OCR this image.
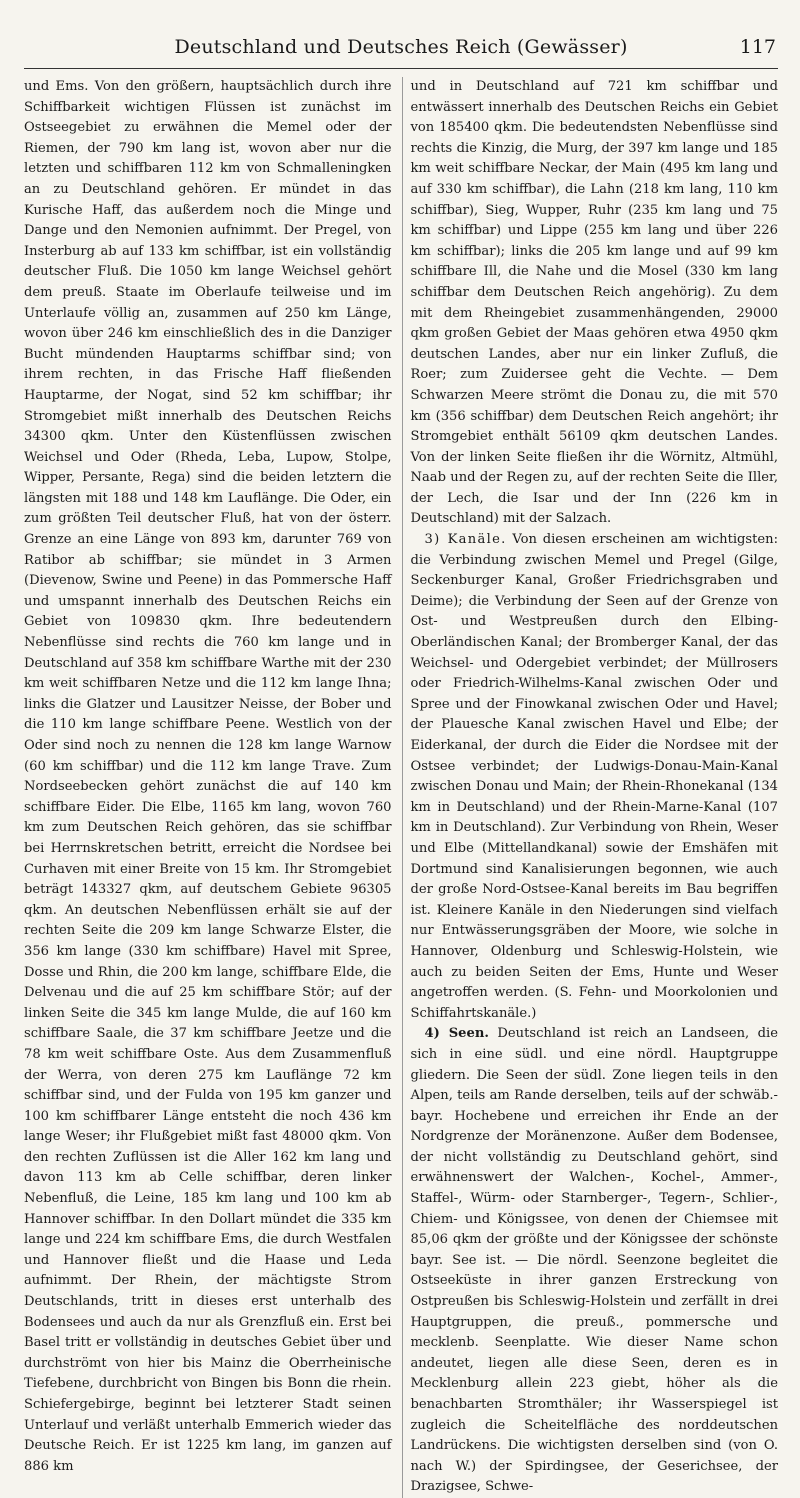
Deutschland und Deutsches Reich (Gewässer)	117

und Ems. Von den größern, hauptsächlich durch ihre Schiffbarkeit wichtigen Flüssen ist zunächst im Ostseegebiet zu erwähnen die Memel oder der Riemen, der 790 km lang ist, wovon aber nur die letzten und schiffbaren 112 km von Schmalleningken an zu Deutschland gehören. Er mündet in das Kurische Haff, das außerdem noch die Minge und Dange und den Nemonien aufnimmt. Der Pregel, von Insterburg ab auf 133 km schiffbar, ist ein vollständig deutscher Fluß. Die 1050 km lange Weichsel gehört dem preuß. Staate im Oberlaufe teilweise und im Unterlaufe völlig an, zusammen auf 250 km Länge, wovon über 246 km einschließlich des in die Danziger Bucht mündenden Hauptarms schiffbar sind; von ihrem rechten, in das Frische Haff fließenden Hauptarme, der Nogat, sind 52 km schiffbar; ihr Stromgebiet mißt innerhalb des Deutschen Reichs 34300 qkm. Unter den Küstenflüssen zwischen Weichsel und Oder (Rheda, Leba, Lupow, Stolpe, Wipper, Persante, Rega) sind die beiden letztern die längsten mit 188 und 148 km Lauflänge. Die Oder, ein zum größten Teil deutscher Fluß, hat von der österr. Grenze an eine Länge von 893 km, darunter 769 von Ratibor ab schiffbar; sie mündet in 3 Armen (Dievenow, Swine und Peene) in das Pommersche Haff und umspannt innerhalb des Deutschen Reichs ein Gebiet von 109830 qkm. Ihre bedeutendern Nebenflüsse sind rechts die 760 km lange und in Deutschland auf 358 km schiffbare Warthe mit der 230 km weit schiffbaren Netze und die 112 km lange Ihna; links die Glatzer und Lausitzer Neisse, der Bober und die 110 km lange schiffbare Peene. Westlich von der Oder sind noch zu nennen die 128 km lange Warnow (60 km schiffbar) und die 112 km lange Trave. Zum Nordseebecken gehört zunächst die auf 140 km schiffbare Eider. Die Elbe, 1165 km lang, wovon 760 km zum Deutschen Reich gehören, das sie schiffbar bei Herrnskretschen betritt, erreicht die Nordsee bei Curhaven mit einer Breite von 15 km. Ihr Stromgebiet beträgt 143327 qkm, auf deutschem Gebiete 96305 qkm. An deutschen Nebenflüssen erhält sie auf der rechten Seite die 209 km lange Schwarze Elster, die 356 km lange (330 km schiffbare) Havel mit Spree, Dosse und Rhin, die 200 km lange, schiffbare Elde, die Delvenau und die auf 25 km schiffbare Stör; auf der linken Seite die 345 km lange Mulde, die auf 160 km schiffbare Saale, die 37 km schiffbare Jeetze und die 78 km weit schiffbare Oste. Aus dem Zusammenfluß der Werra, von deren 275 km Lauflänge 72 km schiffbar sind, und der Fulda von 195 km ganzer und 100 km schiffbarer Länge entsteht die noch 436 km lange Weser; ihr Flußgebiet mißt fast 48000 qkm. Von den rechten Zuflüssen ist die Aller 162 km lang und davon 113 km ab Celle schiffbar, deren linker Nebenfluß, die Leine, 185 km lang und 100 km ab Hannover schiffbar. In den Dollart mündet die 335 km lange und 224 km schiffbare Ems, die durch Westfalen und Hannover fließt und die Haase und Leda aufnimmt. Der Rhein, der mächtigste Strom Deutschlands, tritt in dieses erst unterhalb des Bodensees und auch da nur als Grenzfluß ein. Erst bei Basel tritt er vollständig in deutsches Gebiet über und durchströmt von hier bis Mainz die Oberrheinische Tiefebene, durchbricht von Bingen bis Bonn die rhein. Schiefergebirge, beginnt bei letzterer Stadt seinen Unterlauf und verläßt unterhalb Emmerich wieder das Deutsche Reich. Er ist 1225 km lang, im ganzen auf 886 km

und in Deutschland auf 721 km schiffbar und entwässert innerhalb des Deutschen Reichs ein Gebiet von 185400 qkm. Die bedeutendsten Nebenflüsse sind rechts die Kinzig, die Murg, der 397 km lange und 185 km weit schiffbare Neckar, der Main (495 km lang und auf 330 km schiffbar), die Lahn (218 km lang, 110 km schiffbar), Sieg, Wupper, Ruhr (235 km lang und 75 km schiffbar) und Lippe (255 km lang und über 226 km schiffbar); links die 205 km lange und auf 99 km schiffbare Ill, die Nahe und die Mosel (330 km lang schiffbar dem Deutschen Reich angehörig). Zu dem mit dem Rheingebiet zusammenhängenden, 29000 qkm großen Gebiet der Maas gehören etwa 4950 qkm deutschen Landes, aber nur ein linker Zufluß, die Roer; zum Zuidersee geht die Vechte. — Dem Schwarzen Meere strömt die Donau zu, die mit 570 km (356 schiffbar) dem Deutschen Reich angehört; ihr Stromgebiet enthält 56109 qkm deutschen Landes. Von der linken Seite fließen ihr die Wörnitz, Altmühl, Naab und der Regen zu, auf der rechten Seite die Iller, der Lech, die Isar und der Inn (226 km in Deutschland) mit der Salzach.

3) Kanäle. Von diesen erscheinen am wichtigsten: die Verbindung zwischen Memel und Pregel (Gilge, Seckenburger Kanal, Großer Friedrichsgraben und Deime); die Verbindung der Seen auf der Grenze von Ost- und Westpreußen durch den Elbing-Oberländischen Kanal; der Bromberger Kanal, der das Weichsel- und Odergebiet verbindet; der Müllrosers oder Friedrich-Wilhelms-Kanal zwischen Oder und Spree und der Finowkanal zwischen Oder und Havel; der Plauesche Kanal zwischen Havel und Elbe; der Eiderkanal, der durch die Eider die Nordsee mit der Ostsee verbindet; der Ludwigs-Donau-Main-Kanal zwischen Donau und Main; der Rhein-Rhonekanal (134 km in Deutschland) und der Rhein-Marne-Kanal (107 km in Deutschland). Zur Verbindung von Rhein, Weser und Elbe (Mittellandkanal) sowie der Emshäfen mit Dortmund sind Kanalisierungen begonnen, wie auch der große Nord-Ostsee-Kanal bereits im Bau begriffen ist. Kleinere Kanäle in den Niederungen sind vielfach nur Entwässerungsgräben der Moore, wie solche in Hannover, Oldenburg und Schleswig-Holstein, wie auch zu beiden Seiten der Ems, Hunte und Weser angetroffen werden. (S. Fehn- und Moorkolonien und Schiffahrtskanäle.)

4) Seen. Deutschland ist reich an Landseen, die sich in eine südl. und eine nördl. Hauptgruppe gliedern. Die Seen der südl. Zone liegen teils in den Alpen, teils am Rande derselben, teils auf der schwäb.-bayr. Hochebene und erreichen ihr Ende an der Nordgrenze der Moränenzone. Außer dem Bodensee, der nicht vollständig zu Deutschland gehört, sind erwähnenswert der Walchen-, Kochel-, Ammer-, Staffel-, Würm- oder Starnberger-, Tegern-, Schlier-, Chiem- und Königssee, von denen der Chiemsee mit 85,06 qkm der größte und der Königssee der schönste bayr. See ist. — Die nördl. Seenzone begleitet die Ostseeküste in ihrer ganzen Erstreckung von Ostpreußen bis Schleswig-Holstein und zerfällt in drei Hauptgruppen, die preuß., pommersche und mecklenb. Seenplatte. Wie dieser Name schon andeutet, liegen alle diese Seen, deren es in Mecklenburg allein 223 giebt, höher als die benachbarten Stromthäler; ihr Wasserspiegel ist zugleich die Scheitelfläche des norddeutschen Landrückens. Die wichtigsten derselben sind (von O. nach W.) der Spirdingsee, der Geserichsee, der Drazigsee, Schwe-
